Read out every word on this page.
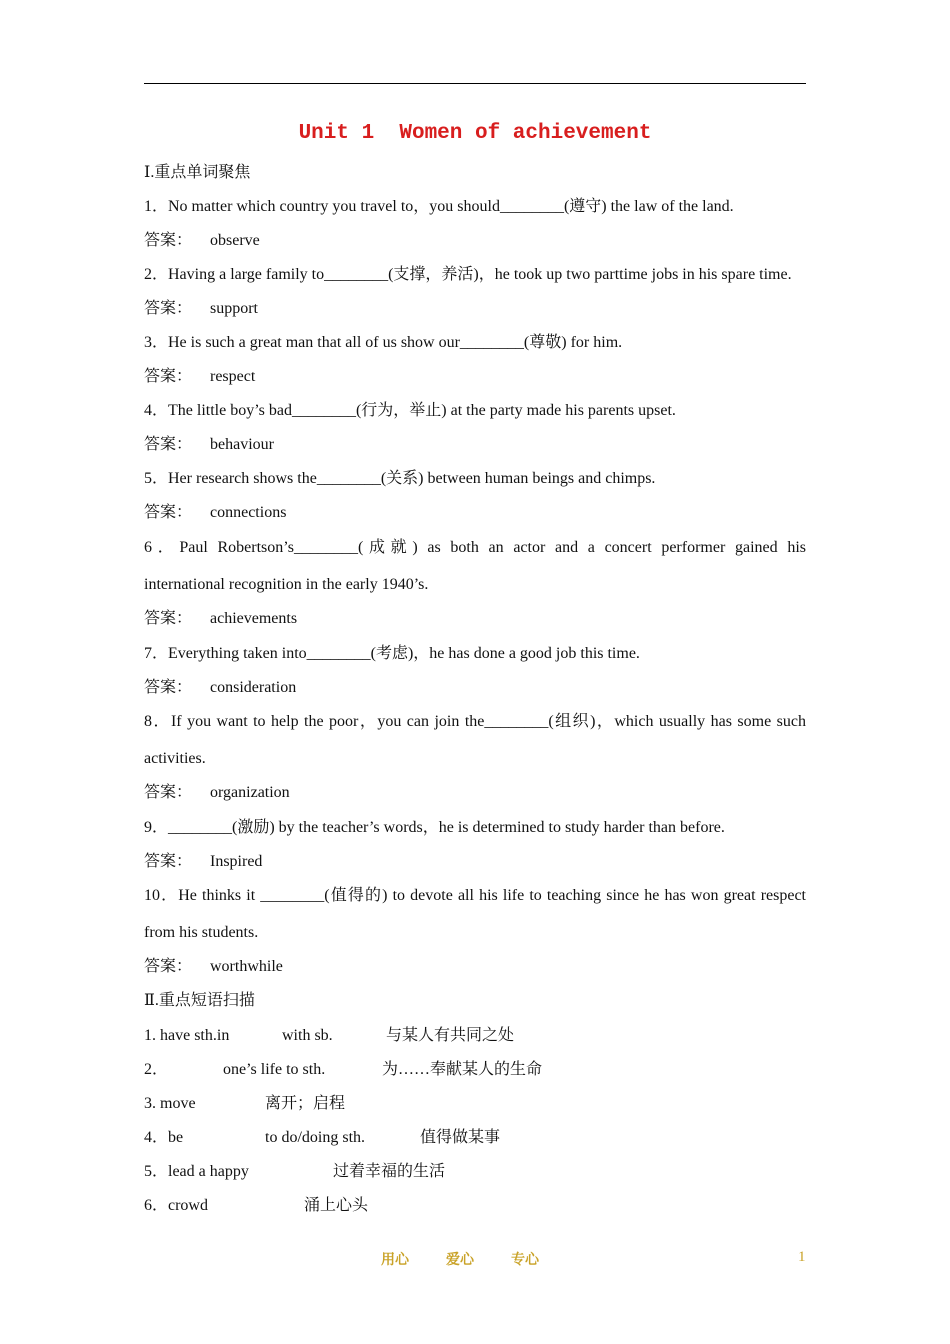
Unit 1  Women of achievement
Ⅰ.重点单词聚焦
1．No matter which country you travel to，you should________(遵守) the law of the land.
答案： observe
2．Having a large family to________(支撑，养活)，he took up two parttime jobs in his spare time.
答案： support
3．He is such a great man that all of us show our________(尊敬) for him.
答案： respect
4．The little boy’s bad________(行为，举止) at the party made his parents upset.
答案： behaviour
5．Her research shows the________(关系) between human beings and chimps.
答案： connections
6．Paul Robertson’s________(成就) as both an actor and a concert performer gained his
international recognition in the early 1940’s.
答案： achievements
7．Everything taken into________(考虑)，he has done a good job this time.
答案： consideration
8．If you want to help the poor，you can join the________(组织)，which usually has some such
activities.
答案： organization
9．________(激励) by the teacher’s words，he is determined to study harder than before.
答案： Inspired
10．He thinks it ________(值得的) to devote all his life to teaching since he has won great respect
from his students.
答案： worthwhile
Ⅱ.重点短语扫描
1. have sth.in	with sb.	与某人有共同之处
2．	one’s life to sth.	为……奉献某人的生命
3. move	离开；启程
4．be	to do/doing sth.	值得做某事
5．lead a happy	过着幸福的生活
6．crowd	涌上心头
用心	爱心	专心	1
